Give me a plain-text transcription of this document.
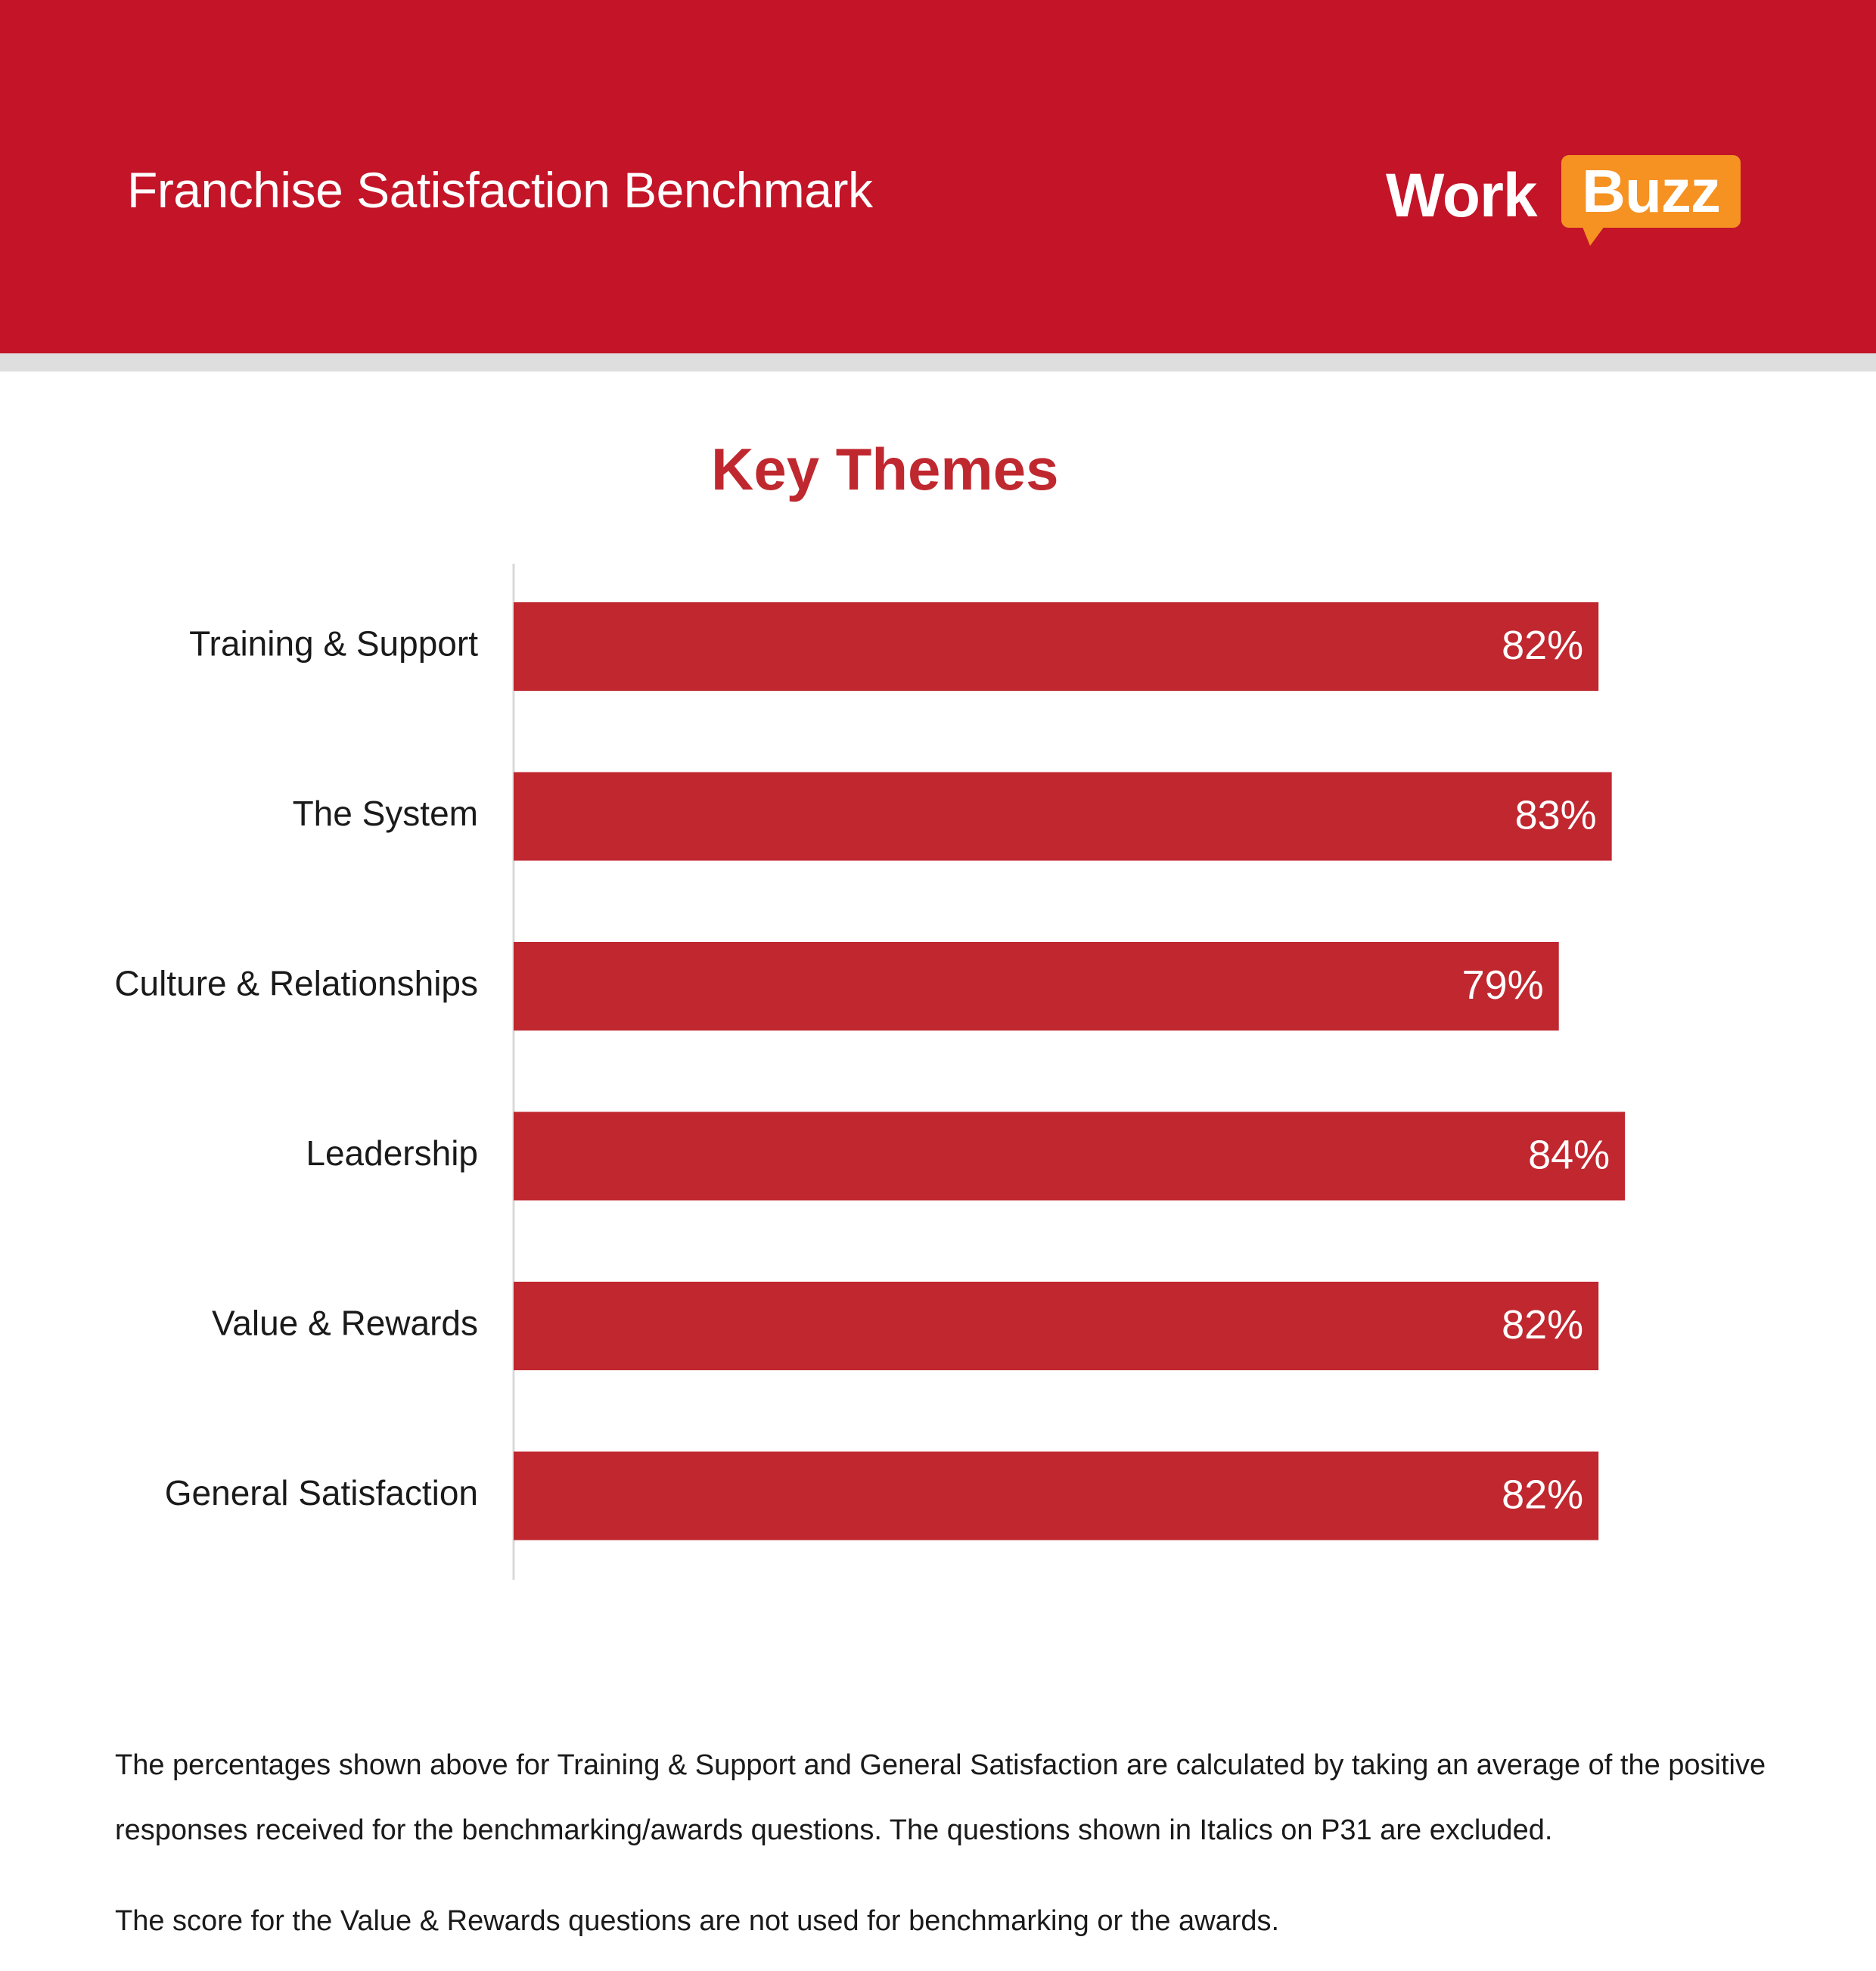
Franchise Satisfaction Benchmark	Work Buzz
Key Themes
Training & Support	82%
The System	83%
Culture & Relationships	79%
Leadership	84%
Value & Rewards	82%
General Satisfaction	82%

The percentages shown above for Training & Support and General Satisfaction are calculated by taking an average of the positive responses received for the benchmarking/awards questions. The questions shown in Italics on P31 are excluded.

The score for the Value & Rewards questions are not used for benchmarking or the awards.
